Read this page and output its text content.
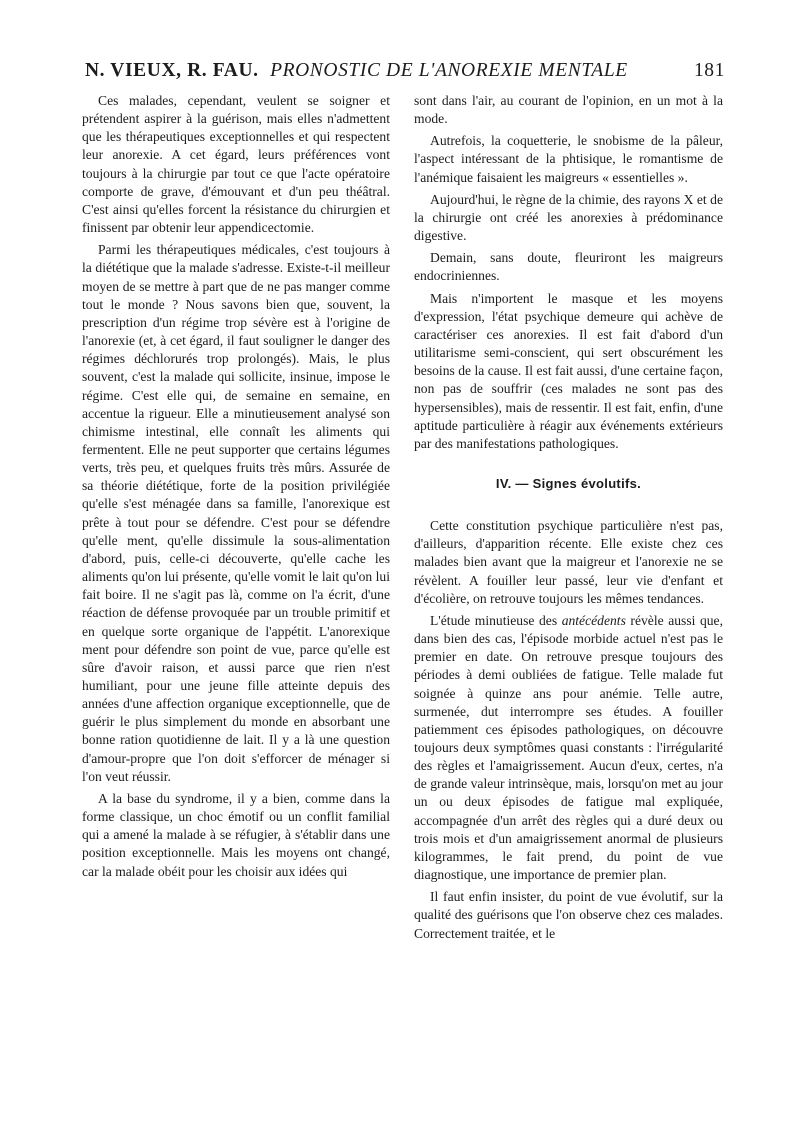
N. VIEUX, R. FAU. PRONOSTIC DE L'ANOREXIE MENTALE	181

Ces malades, cependant, veulent se soigner et prétendent aspirer à la guérison, mais elles n'admettent que les thérapeutiques exceptionnelles et qui respectent leur anorexie. A cet égard, leurs préférences vont toujours à la chirurgie par tout ce que l'acte opératoire comporte de grave, d'émouvant et d'un peu théâtral. C'est ainsi qu'elles forcent la résistance du chirurgien et finissent par obtenir leur appendicectomie.

Parmi les thérapeutiques médicales, c'est toujours à la diététique que la malade s'adresse. Existe-t-il meilleur moyen de se mettre à part que de ne pas manger comme tout le monde ? Nous savons bien que, souvent, la prescription d'un régime trop sévère est à l'origine de l'anorexie (et, à cet égard, il faut souligner le danger des régimes déchlorurés trop prolongés). Mais, le plus souvent, c'est la malade qui sollicite, insinue, impose le régime. C'est elle qui, de semaine en semaine, en accentue la rigueur. Elle a minutieusement analysé son chimisme intestinal, elle connaît les aliments qui fermentent. Elle ne peut supporter que certains légumes verts, très peu, et quelques fruits très mûrs. Assurée de sa théorie diététique, forte de la position privilégiée qu'elle s'est ménagée dans sa famille, l'anorexique est prête à tout pour se défendre. C'est pour se défendre qu'elle ment, qu'elle dissimule la sous-alimentation d'abord, puis, celle-ci découverte, qu'elle cache les aliments qu'on lui présente, qu'elle vomit le lait qu'on lui fait boire. Il ne s'agit pas là, comme on l'a écrit, d'une réaction de défense provoquée par un trouble primitif et en quelque sorte organique de l'appétit. L'anorexique ment pour défendre son point de vue, parce qu'elle est sûre d'avoir raison, et aussi parce que rien n'est humiliant, pour une jeune fille atteinte depuis des années d'une affection organique exceptionnelle, que de guérir le plus simplement du monde en absorbant une bonne ration quotidienne de lait. Il y a là une question d'amour-propre que l'on doit s'efforcer de ménager si l'on veut réussir.

A la base du syndrome, il y a bien, comme dans la forme classique, un choc émotif ou un conflit familial qui a amené la malade à se réfugier, à s'établir dans une position exceptionnelle. Mais les moyens ont changé, car la malade obéit pour les choisir aux idées qui

sont dans l'air, au courant de l'opinion, en un mot à la mode.

Autrefois, la coquetterie, le snobisme de la pâleur, l'aspect intéressant de la phtisique, le romantisme de l'anémique faisaient les maigreurs « essentielles ».

Aujourd'hui, le règne de la chimie, des rayons X et de la chirurgie ont créé les anorexies à prédominance digestive.

Demain, sans doute, fleuriront les maigreurs endocriniennes.

Mais n'importent le masque et les moyens d'expression, l'état psychique demeure qui achève de caractériser ces anorexies. Il est fait d'abord d'un utilitarisme semi-conscient, qui sert obscurément les besoins de la cause. Il est fait aussi, d'une certaine façon, non pas de souffrir (ces malades ne sont pas des hypersensibles), mais de ressentir. Il est fait, enfin, d'une aptitude particulière à réagir aux événements extérieurs par des manifestations pathologiques.

IV. — Signes évolutifs.

Cette constitution psychique particulière n'est pas, d'ailleurs, d'apparition récente. Elle existe chez ces malades bien avant que la maigreur et l'anorexie ne se révèlent. A fouiller leur passé, leur vie d'enfant et d'écolière, on retrouve toujours les mêmes tendances.

L'étude minutieuse des antécédents révèle aussi que, dans bien des cas, l'épisode morbide actuel n'est pas le premier en date. On retrouve presque toujours des périodes à demi oubliées de fatigue. Telle malade fut soignée à quinze ans pour anémie. Telle autre, surmenée, dut interrompre ses études. A fouiller patiemment ces épisodes pathologiques, on découvre toujours deux symptômes quasi constants : l'irrégularité des règles et l'amaigrissement. Aucun d'eux, certes, n'a de grande valeur intrinsèque, mais, lorsqu'on met au jour un ou deux épisodes de fatigue mal expliquée, accompagnée d'un arrêt des règles qui a duré deux ou trois mois et d'un amaigrissement anormal de plusieurs kilogrammes, le fait prend, du point de vue diagnostique, une importance de premier plan.

Il faut enfin insister, du point de vue évolutif, sur la qualité des guérisons que l'on observe chez ces malades. Correctement traitée, et le
